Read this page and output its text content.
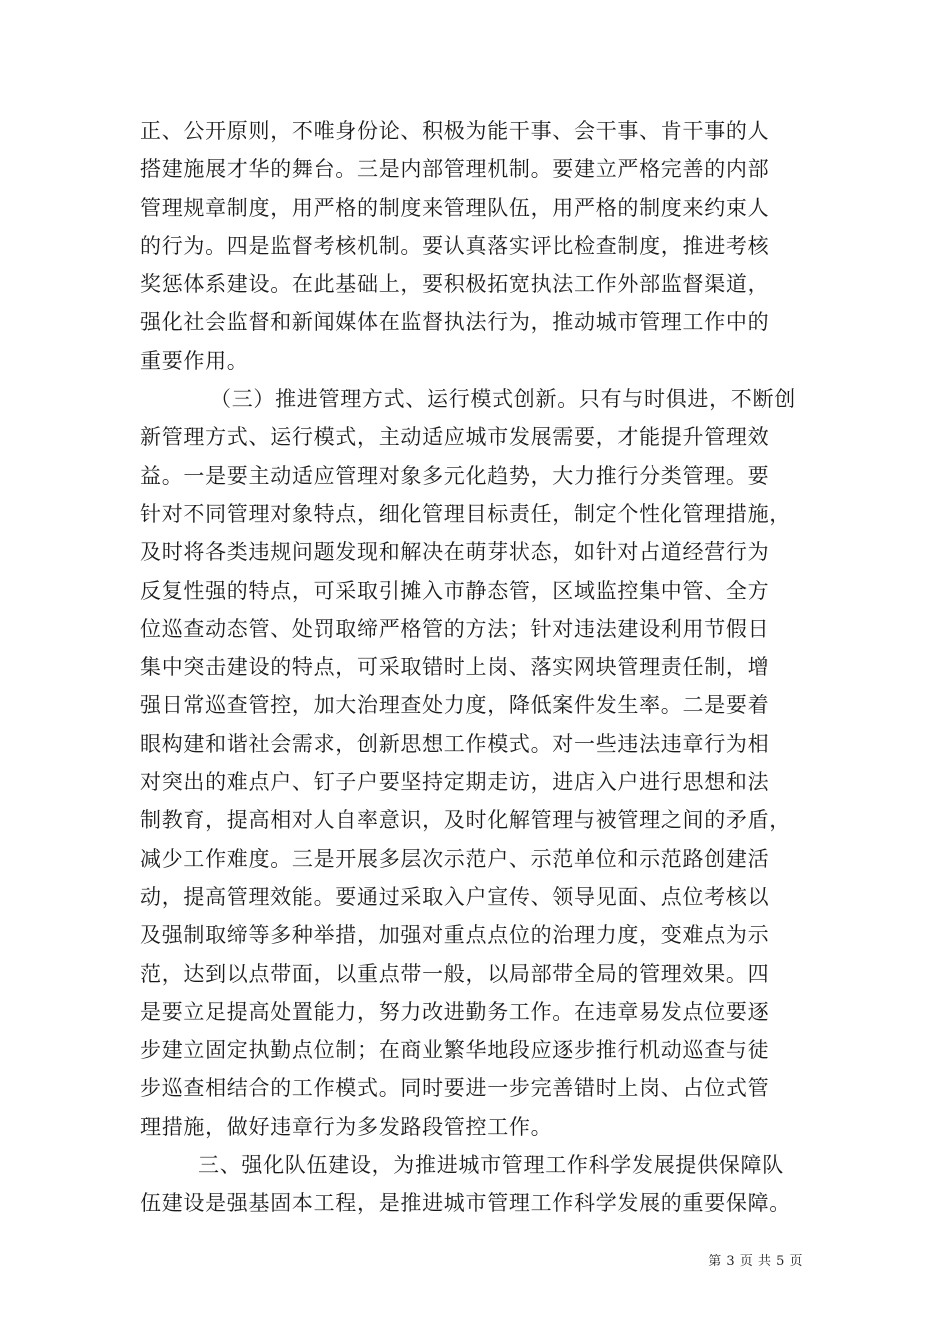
正、公开原则，不唯身份论、积极为能干事、会干事、肯干事的人
搭建施展才华的舞台。三是内部管理机制。要建立严格完善的内部
管理规章制度，用严格的制度来管理队伍，用严格的制度来约束人
的行为。四是监督考核机制。要认真落实评比检查制度，推进考核
奖惩体系建设。在此基础上，要积极拓宽执法工作外部监督渠道，
强化社会监督和新闻媒体在监督执法行为，推动城市管理工作中的
重要作用。
（三）推进管理方式、运行模式创新。只有与时俱进，不断创
新管理方式、运行模式，主动适应城市发展需要，才能提升管理效
益。一是要主动适应管理对象多元化趋势，大力推行分类管理。要
针对不同管理对象特点，细化管理目标责任，制定个性化管理措施，
及时将各类违规问题发现和解决在萌芽状态，如针对占道经营行为
反复性强的特点，可采取引摊入市静态管，区域监控集中管、全方
位巡查动态管、处罚取缔严格管的方法；针对违法建设利用节假日
集中突击建设的特点，可采取错时上岗、落实网块管理责任制，增
强日常巡查管控，加大治理查处力度，降低案件发生率。二是要着
眼构建和谐社会需求，创新思想工作模式。对一些违法违章行为相
对突出的难点户、钉子户要坚持定期走访，进店入户进行思想和法
制教育，提高相对人自率意识，及时化解管理与被管理之间的矛盾，
减少工作难度。三是开展多层次示范户、示范单位和示范路创建活
动，提高管理效能。要通过采取入户宣传、领导见面、点位考核以
及强制取缔等多种举措，加强对重点点位的治理力度，变难点为示
范，达到以点带面，以重点带一般，以局部带全局的管理效果。四
是要立足提高处置能力，努力改进勤务工作。在违章易发点位要逐
步建立固定执勤点位制；在商业繁华地段应逐步推行机动巡查与徒
步巡查相结合的工作模式。同时要进一步完善错时上岗、占位式管
理措施，做好违章行为多发路段管控工作。
三、强化队伍建设，为推进城市管理工作科学发展提供保障队
伍建设是强基固本工程，是推进城市管理工作科学发展的重要保障。
第 3 页 共 5 页
